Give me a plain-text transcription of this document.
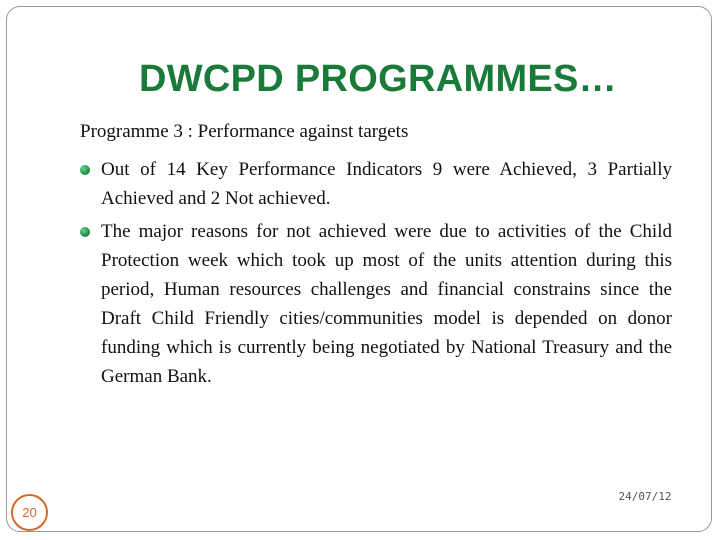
DWCPD PROGRAMMES…

Programme 3 : Performance against targets

Out of 14 Key Performance Indicators 9 were Achieved, 3 Partially Achieved and 2 Not achieved.
The major reasons for not achieved were due to activities of the Child Protection week which took up most of the units attention during this period, Human resources challenges and financial constrains since the Draft Child Friendly cities/communities model is depended on donor funding which is currently being negotiated by National Treasury and the German Bank.
20
24/07/12
